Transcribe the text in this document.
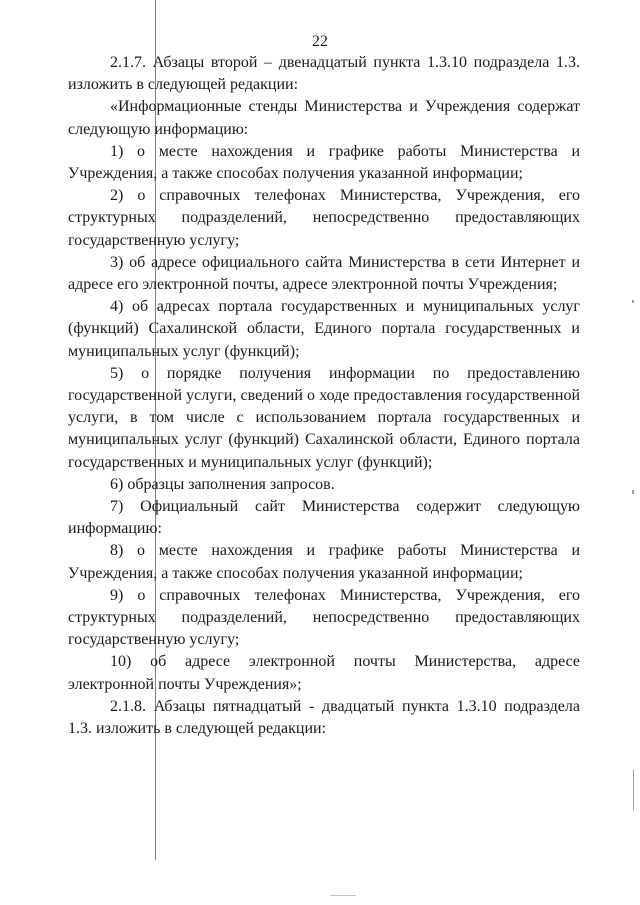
22

2.1.7. Абзацы второй – двенадцатый пункта 1.3.10 подраздела 1.3. изложить в следующей редакции:

«Информационные стенды Министерства и Учреждения содержат следующую информацию:

1) о месте нахождения и графике работы Министерства и Учреждения, а также способах получения указанной информации;

2) о справочных телефонах Министерства, Учреждения, его структурных подразделений, непосредственно предоставляющих государственную услугу;

3) об адресе официального сайта Министерства в сети Интернет и адресе его электронной почты, адресе электронной почты Учреждения;

4) об адресах портала государственных и муниципальных услуг (функций) Сахалинской области, Единого портала государственных и муниципальных услуг (функций);

5) о порядке получения информации по предоставлению государственной услуги, сведений о ходе предоставления государственной услуги, в том числе с использованием портала государственных и муниципальных услуг (функций) Сахалинской области, Единого портала государственных и муниципальных услуг (функций);

6) образцы заполнения запросов.

7) Официальный сайт Министерства содержит следующую информацию:

8) о месте нахождения и графике работы Министерства и Учреждения, а также способах получения указанной информации;

9) о справочных телефонах Министерства, Учреждения, его структурных подразделений, непосредственно предоставляющих государственную услугу;

10) об адресе электронной почты Министерства, адресе электронной почты Учреждения»;

2.1.8. Абзацы пятнадцатый - двадцатый пункта 1.3.10 подраздела 1.3. изложить в следующей редакции:
